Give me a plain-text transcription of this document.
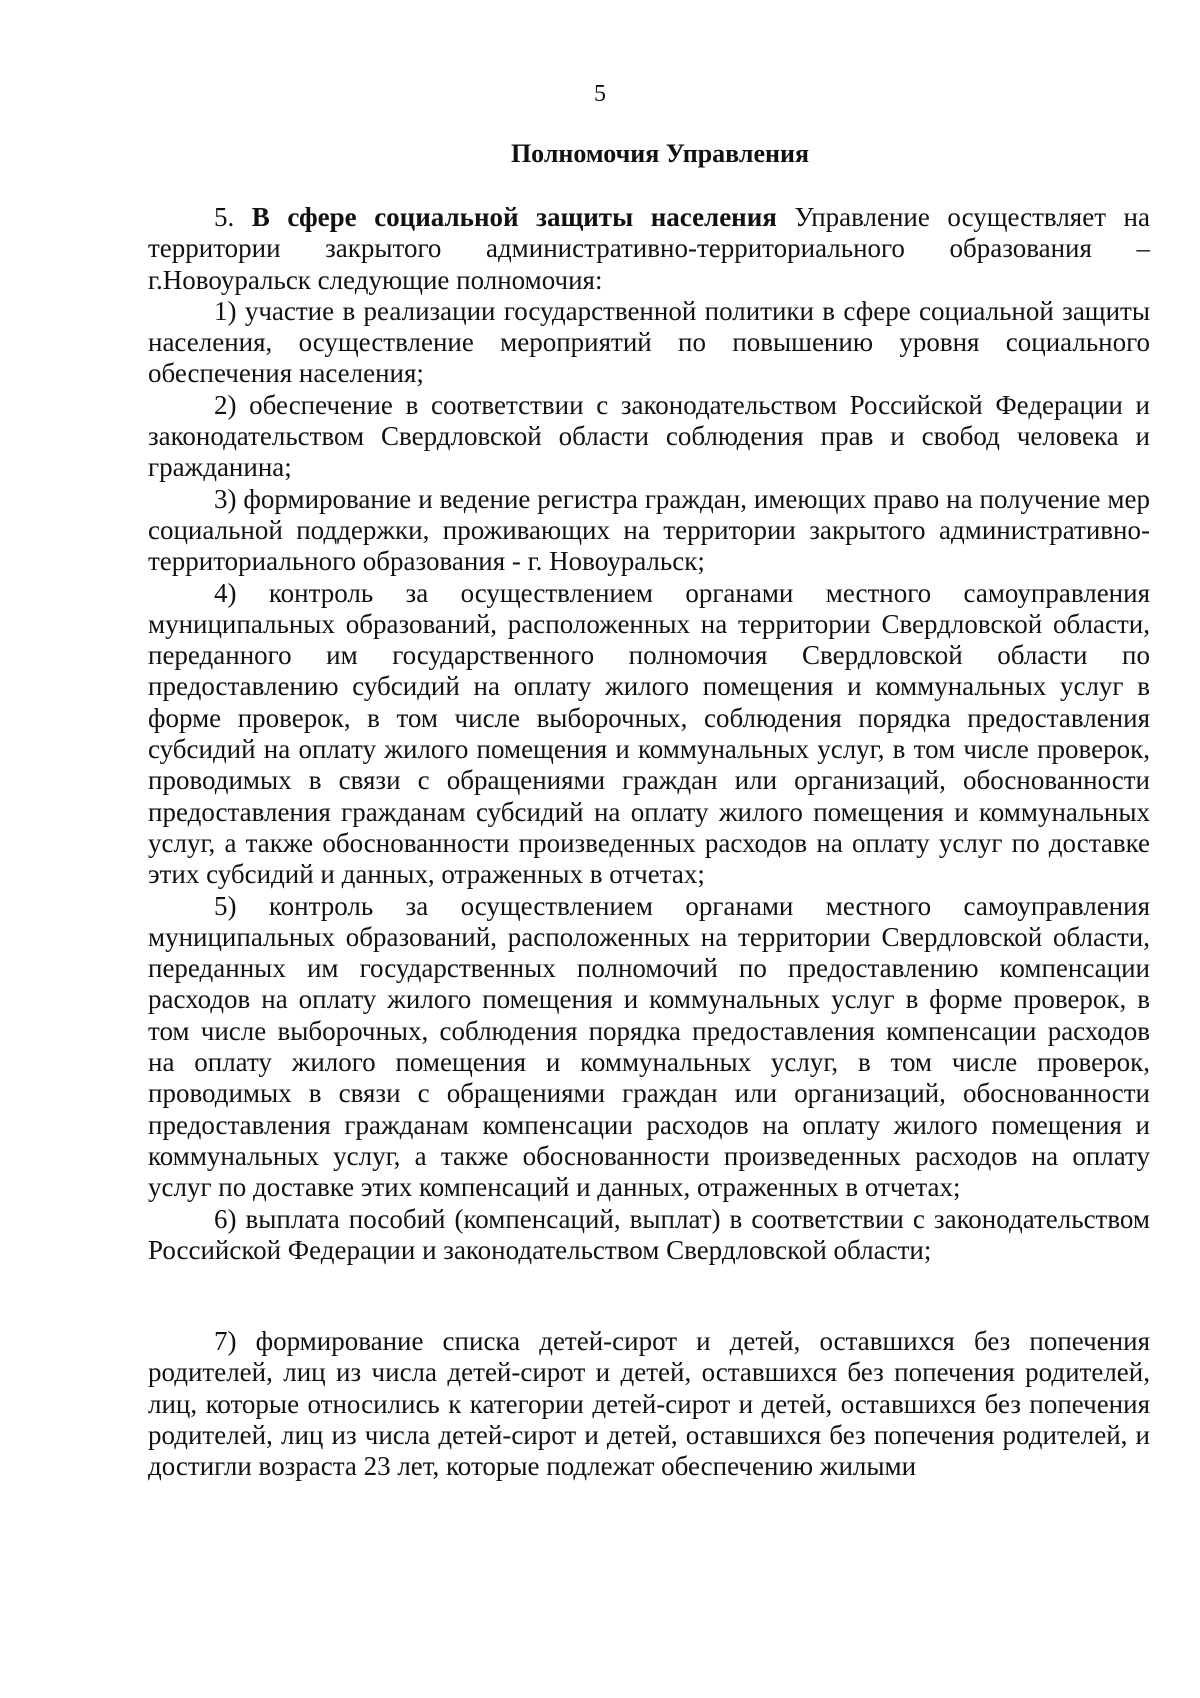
5
Полномочия Управления

5. В сфере социальной защиты населения Управление осуществляет на территории закрытого административно-территориального образования – г.Новоуральск следующие полномочия:

1) участие в реализации государственной политики в сфере социальной защиты населения, осуществление мероприятий по повышению уровня социального обеспечения населения;

2) обеспечение в соответствии с законодательством Российской Федерации и законодательством Свердловской области соблюдения прав и свобод человека и гражданина;

3) формирование и ведение регистра граждан, имеющих право на получение мер социальной поддержки, проживающих на территории закрытого административно-территориального образования - г. Новоуральск;

4) контроль за осуществлением органами местного самоуправления муниципальных образований, расположенных на территории Свердловской области, переданного им государственного полномочия Свердловской области по предоставлению субсидий на оплату жилого помещения и коммунальных услуг в форме проверок, в том числе выборочных, соблюдения порядка предоставления субсидий на оплату жилого помещения и коммунальных услуг, в том числе проверок, проводимых в связи с обращениями граждан или организаций, обоснованности предоставления гражданам субсидий на оплату жилого помещения и коммунальных услуг, а также обоснованности произведенных расходов на оплату услуг по доставке этих субсидий и данных, отраженных в отчетах;

5) контроль за осуществлением органами местного самоуправления муниципальных образований, расположенных на территории Свердловской области, переданных им государственных полномочий по предоставлению компенсации расходов на оплату жилого помещения и коммунальных услуг в форме проверок, в том числе выборочных, соблюдения порядка предоставления компенсации расходов на оплату жилого помещения и коммунальных услуг, в том числе проверок, проводимых в связи с обращениями граждан или организаций, обоснованности предоставления гражданам компенсации расходов на оплату жилого помещения и коммунальных услуг, а также обоснованности произведенных расходов на оплату услуг по доставке этих компенсаций и данных, отраженных в отчетах;

6) выплата пособий (компенсаций, выплат) в соответствии с законодательством Российской Федерации и законодательством Свердловской области;

7) формирование списка детей-сирот и детей, оставшихся без попечения родителей, лиц из числа детей-сирот и детей, оставшихся без попечения родителей, лиц, которые относились к категории детей-сирот и детей, оставшихся без попечения родителей, лиц из числа детей-сирот и детей, оставшихся без попечения родителей, и достигли возраста 23 лет, которые подлежат обеспечению жилыми
